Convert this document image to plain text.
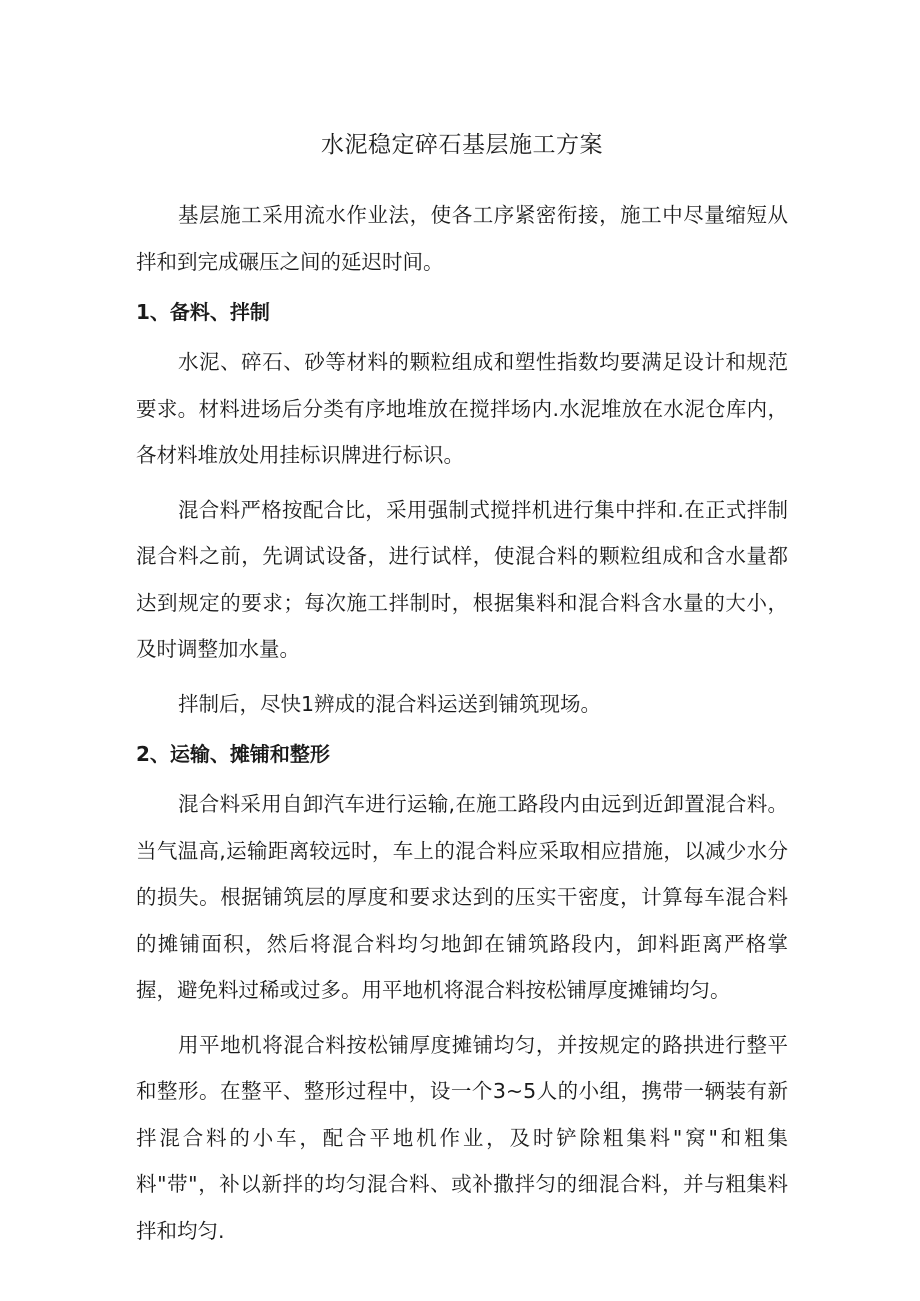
水泥稳定碎石基层施工方案

基层施工采用流水作业法，使各工序紧密衔接，施工中尽量缩短从拌和到完成碾压之间的延迟时间。

1、备料、拌制

水泥、碎石、砂等材料的颗粒组成和塑性指数均要满足设计和规范要求。材料进场后分类有序地堆放在搅拌场内.水泥堆放在水泥仓库内，各材料堆放处用挂标识牌进行标识。

混合料严格按配合比，采用强制式搅拌机进行集中拌和.在正式拌制混合料之前，先调试设备，进行试样，使混合料的颗粒组成和含水量都达到规定的要求；每次施工拌制时，根据集料和混合料含水量的大小，及时调整加水量。

拌制后，尽快1辨成的混合料运送到铺筑现场。

2、运输、摊铺和整形

混合料采用自卸汽车进行运输,在施工路段内由远到近卸置混合料。当气温高,运输距离较远时，车上的混合料应采取相应措施，以减少水分的损失。根据铺筑层的厚度和要求达到的压实干密度，计算每车混合料的摊铺面积，然后将混合料均匀地卸在铺筑路段内，卸料距离严格掌握，避免料过稀或过多。用平地机将混合料按松铺厚度摊铺均匀。

用平地机将混合料按松铺厚度摊铺均匀，并按规定的路拱进行整平和整形。在整平、整形过程中，设一个3~5人的小组，携带一辆装有新拌混合料的小车，配合平地机作业，及时铲除粗集料"窝"和粗集料"带"，补以新拌的均匀混合料、或补撒拌匀的细混合料，并与粗集料拌和均匀.
